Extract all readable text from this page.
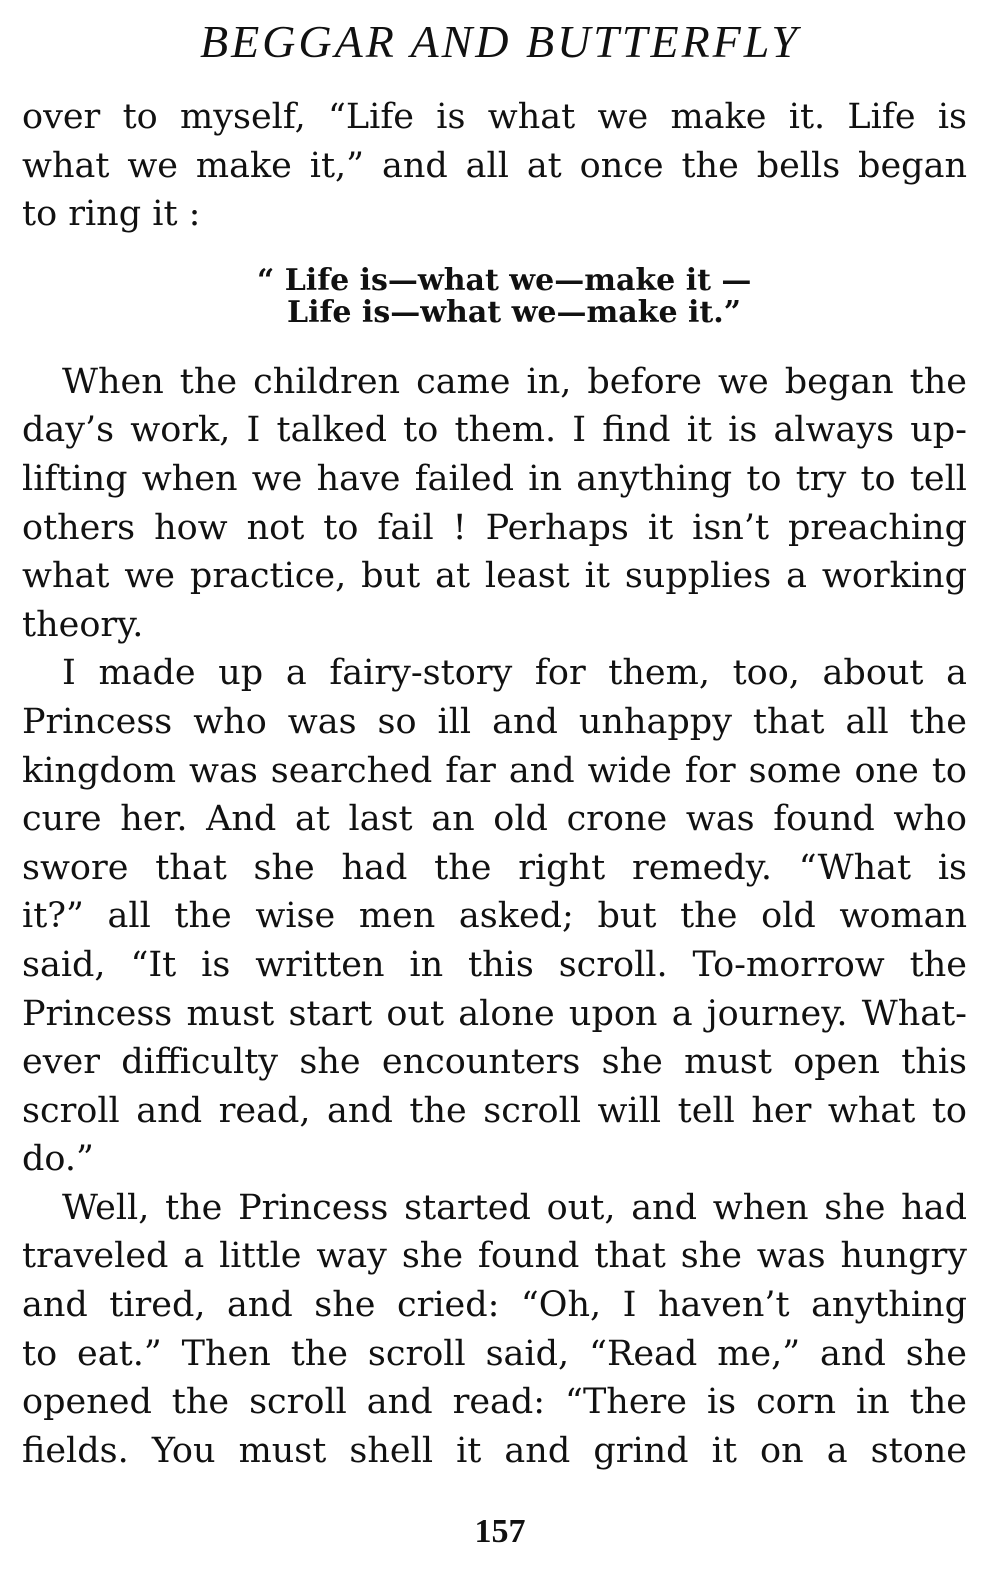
BEGGAR AND BUTTERFLY
over to myself, “Life is what we make it. Life is
what we make it,” and all at once the bells began
to ring it :
“ Life is—what we—make it —
Life is—what we—make it.”
When the children came in, before we began the
day’s work, I talked to them. I find it is always up-
lifting when we have failed in anything to try to tell
others how not to fail ! Perhaps it isn’t preaching
what we practice, but at least it supplies a working
theory.
I made up a fairy-story for them, too, about a
Princess who was so ill and unhappy that all the
kingdom was searched far and wide for some one to
cure her. And at last an old crone was found who
swore that she had the right remedy. “What is
it?” all the wise men asked; but the old woman
said, “It is written in this scroll. To-morrow the
Princess must start out alone upon a journey. What-
ever difficulty she encounters she must open this
scroll and read, and the scroll will tell her what to
do.”
Well, the Princess started out, and when she had
traveled a little way she found that she was hungry
and tired, and she cried: “Oh, I haven’t anything
to eat.” Then the scroll said, “Read me,” and she
opened the scroll and read: “There is corn in the
fields. You must shell it and grind it on a stone
157
